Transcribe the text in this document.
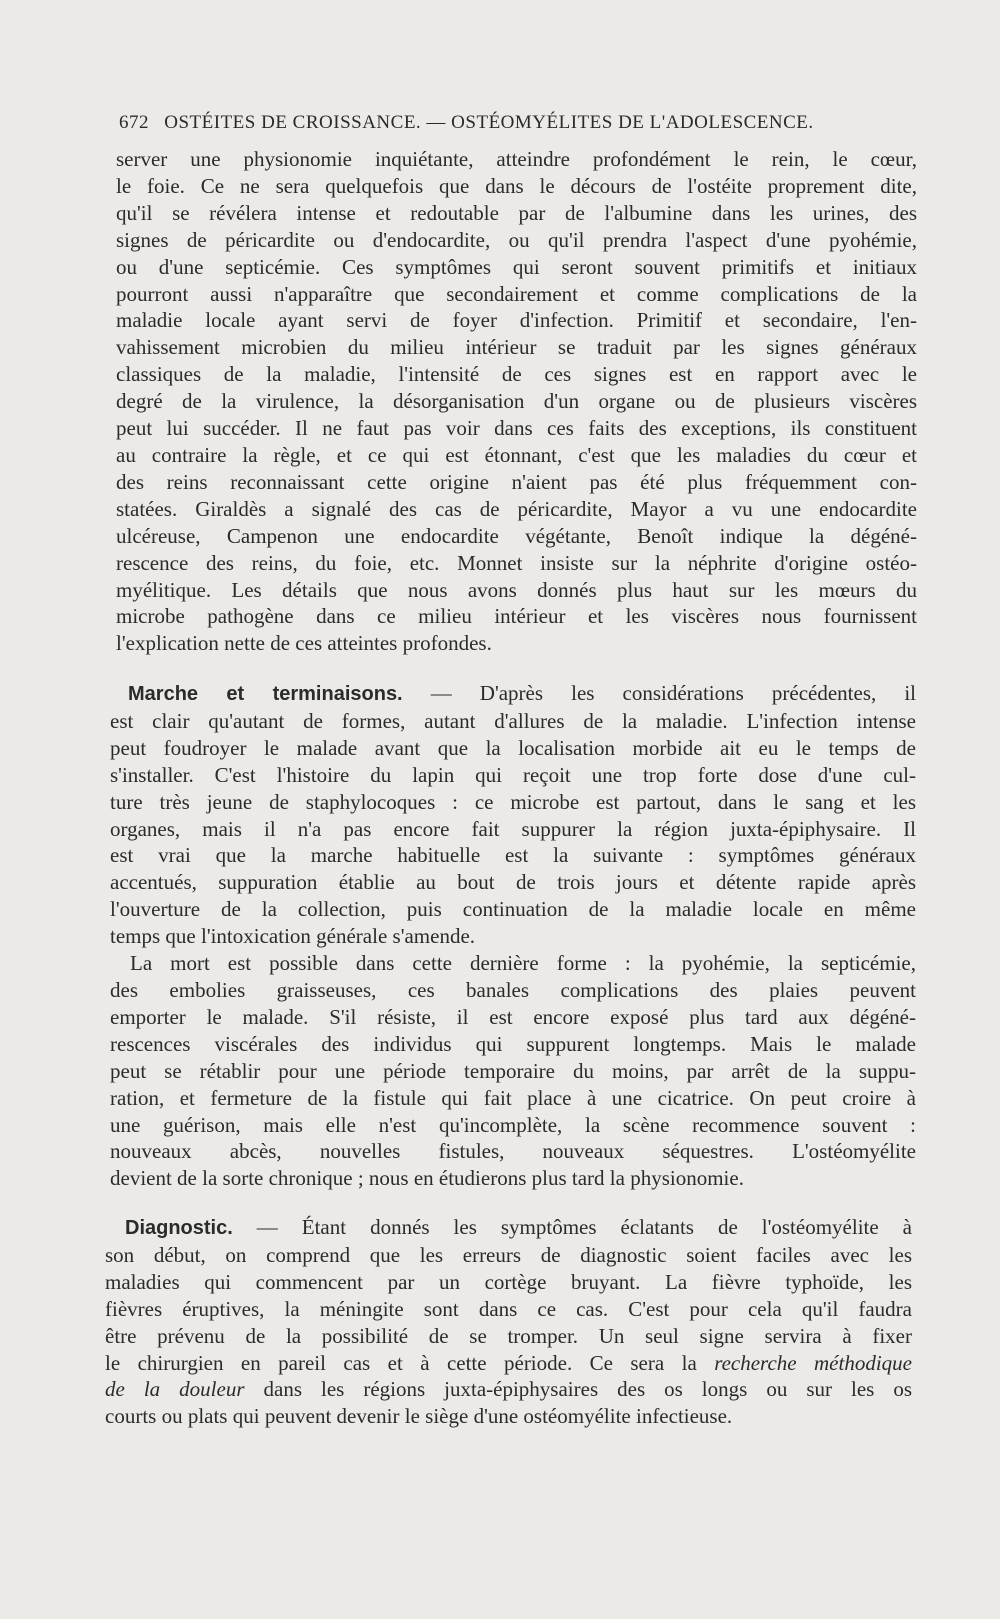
672 OSTÉITES DE CROISSANCE. — OSTÉOMYÉLITES DE L'ADOLESCENCE.
server une physionomie inquiétante, atteindre profondément le rein, le cœur,
le foie. Ce ne sera quelquefois que dans le décours de l'ostéite proprement dite,
qu'il se révélera intense et redoutable par de l'albumine dans les urines, des
signes de péricardite ou d'endocardite, ou qu'il prendra l'aspect d'une pyohémie,
ou d'une septicémie. Ces symptômes qui seront souvent primitifs et initiaux
pourront aussi n'apparaître que secondairement et comme complications de la
maladie locale ayant servi de foyer d'infection. Primitif et secondaire, l'en-
vahissement microbien du milieu intérieur se traduit par les signes généraux
classiques de la maladie, l'intensité de ces signes est en rapport avec le
degré de la virulence, la désorganisation d'un organe ou de plusieurs viscères
peut lui succéder. Il ne faut pas voir dans ces faits des exceptions, ils constituent
au contraire la règle, et ce qui est étonnant, c'est que les maladies du cœur et
des reins reconnaissant cette origine n'aient pas été plus fréquemment con-
statées. Giraldès a signalé des cas de péricardite, Mayor a vu une endocardite
ulcéreuse, Campenon une endocardite végétante, Benoît indique la dégéné-
rescence des reins, du foie, etc. Monnet insiste sur la néphrite d'origine ostéo-
myélitique. Les détails que nous avons donnés plus haut sur les mœurs du
microbe pathogène dans ce milieu intérieur et les viscères nous fournissent
l'explication nette de ces atteintes profondes.
Marche et terminaisons. — D'après les considérations précédentes, il
est clair qu'autant de formes, autant d'allures de la maladie. L'infection intense
peut foudroyer le malade avant que la localisation morbide ait eu le temps de
s'installer. C'est l'histoire du lapin qui reçoit une trop forte dose d'une cul-
ture très jeune de staphylocoques : ce microbe est partout, dans le sang et les
organes, mais il n'a pas encore fait suppurer la région juxta-épiphysaire. Il
est vrai que la marche habituelle est la suivante : symptômes généraux
accentués, suppuration établie au bout de trois jours et détente rapide après
l'ouverture de la collection, puis continuation de la maladie locale en même
temps que l'intoxication générale s'amende.
La mort est possible dans cette dernière forme : la pyohémie, la septicémie,
des embolies graisseuses, ces banales complications des plaies peuvent
emporter le malade. S'il résiste, il est encore exposé plus tard aux dégéné-
rescences viscérales des individus qui suppurent longtemps. Mais le malade
peut se rétablir pour une période temporaire du moins, par arrêt de la suppu-
ration, et fermeture de la fistule qui fait place à une cicatrice. On peut croire à
une guérison, mais elle n'est qu'incomplète, la scène recommence souvent :
nouveaux abcès, nouvelles fistules, nouveaux séquestres. L'ostéomyélite
devient de la sorte chronique ; nous en étudierons plus tard la physionomie.
Diagnostic. — Étant donnés les symptômes éclatants de l'ostéomyélite à
son début, on comprend que les erreurs de diagnostic soient faciles avec les
maladies qui commencent par un cortège bruyant. La fièvre typhoïde, les
fièvres éruptives, la méningite sont dans ce cas. C'est pour cela qu'il faudra
être prévenu de la possibilité de se tromper. Un seul signe servira à fixer
le chirurgien en pareil cas et à cette période. Ce sera la recherche méthodique
de la douleur dans les régions juxta-épiphysaires des os longs ou sur les os
courts ou plats qui peuvent devenir le siège d'une ostéomyélite infectieuse.
